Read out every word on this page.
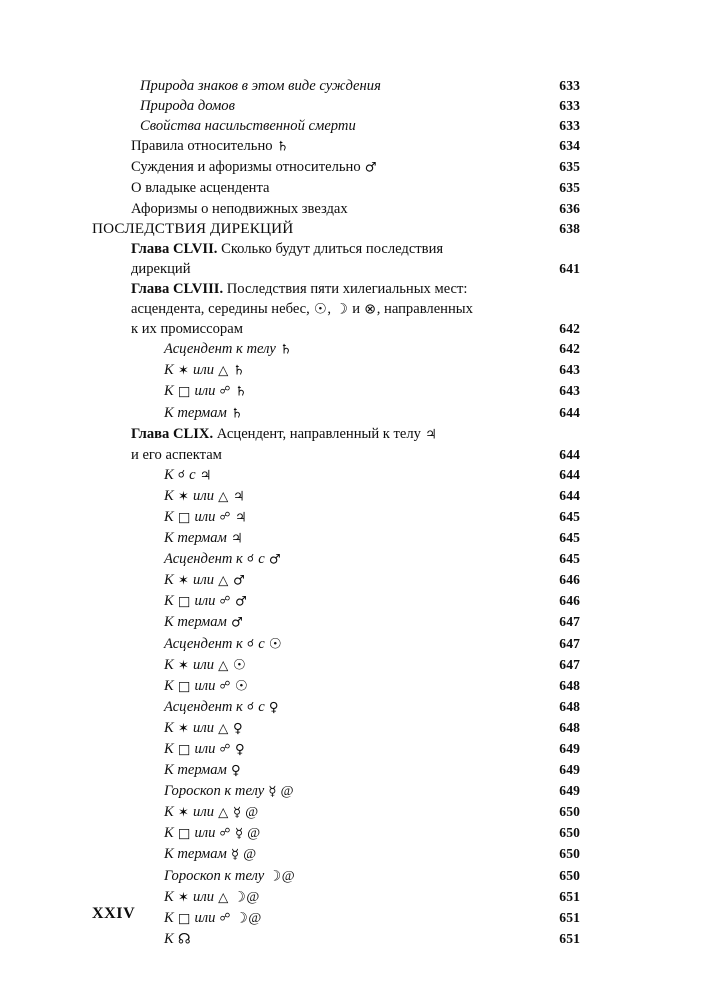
Природа знаков в этом виде суждения	633
Природа домов	633
Свойства насильственной смерти	633
Правила относительно ♄	634
Суждения и афоризмы относительно ♂	635
О владыке асцендента	635
Афоризмы о неподвижных звездах	636
ПОСЛЕДСТВИЯ ДИРЕКЦИЙ	638
Глава CLVII. Сколько будут длиться последствия
дирекций	641
Глава CLVIII. Последствия пяти хилегиальных мест:
асцендента, середины небес, ☉, ☽ и ⊗, направленных
к их промиссорам	642
Асцендент к телу ♄	642
К ✶ или △ ♄	643
К □ или ☍ ♄	643
К термам ♄	644
Глава CLIX. Асцендент, направленный к телу ♃
и его аспектам	644
К ☌ с ♃	644
К ✶ или △ ♃	644
К □ или ☍ ♃	645
К термам ♃	645
Асцендент к ☌ с ♂	645
К ✶ или △ ♂	646
К □ или ☍ ♂	646
К термам ♂	647
Асцендент к ☌ с ☉	647
К ✶ или △ ☉	647
К □ или ☍ ☉	648
Асцендент к ☌ с ♀	648
К ✶ или △ ♀	648
К □ или ☍ ♀	649
К термам ♀	649
Гороскоп к телу ☿ @	649
К ✶ или △ ☿ @	650
К □ или ☍ ☿ @	650
К термам ☿ @	650
Гороскоп к телу ☽@	650
К ✶ или △ ☽@	651
К □ или ☍ ☽@	651
К ☊	651
XXIV
